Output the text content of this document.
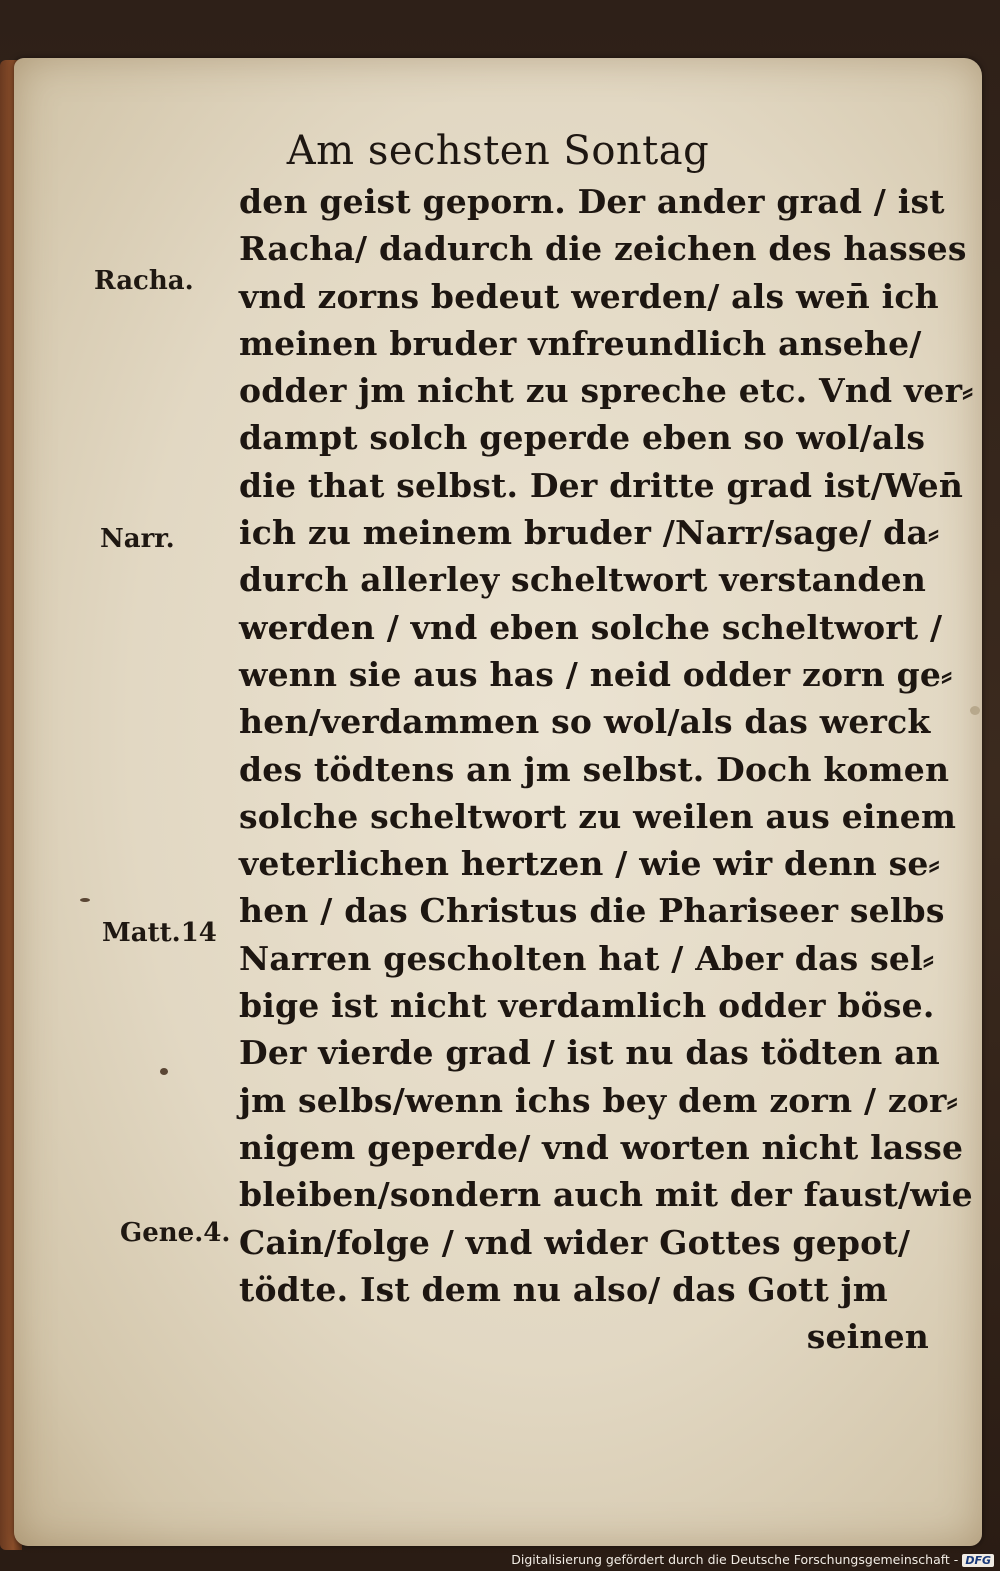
Am sechsten Sontag
den geist geporn. Der ander grad / ist
Racha/ dadurch die zeichen des hasses
vnd zorns bedeut werden/ als wen̄ ich
meinen bruder vnfreundlich ansehe/
odder jm nicht zu spreche etc. Vnd ver⸗
dampt solch geperde eben so wol/als
die that selbst. Der dritte grad ist/Wen̄
ich zu meinem bruder /Narr/sage/ da⸗
durch allerley scheltwort verstanden
werden / vnd eben solche scheltwort /
wenn sie aus has / neid odder zorn ge⸗
hen/verdammen so wol/als das werck
des tödtens an jm selbst. Doch komen
solche scheltwort zu weilen aus einem
veterlichen hertzen / wie wir denn se⸗
hen / das Christus die Phariseer selbs
Narren gescholten hat / Aber das sel⸗
bige ist nicht verdamlich odder böse.
Der vierde grad / ist nu das tödten an
jm selbs/wenn ichs bey dem zorn / zor⸗
nigem geperde/ vnd worten nicht lasse
bleiben/sondern auch mit der faust/wie
Cain/folge / vnd wider Gottes gepot/
tödte. Ist dem nu also/ das Gott jm
seinen
Racha.
Narr.
Matt.14
Gene.4.
Digitalisierung gefördert durch die Deutsche Forschungsgemeinschaft - DFG
